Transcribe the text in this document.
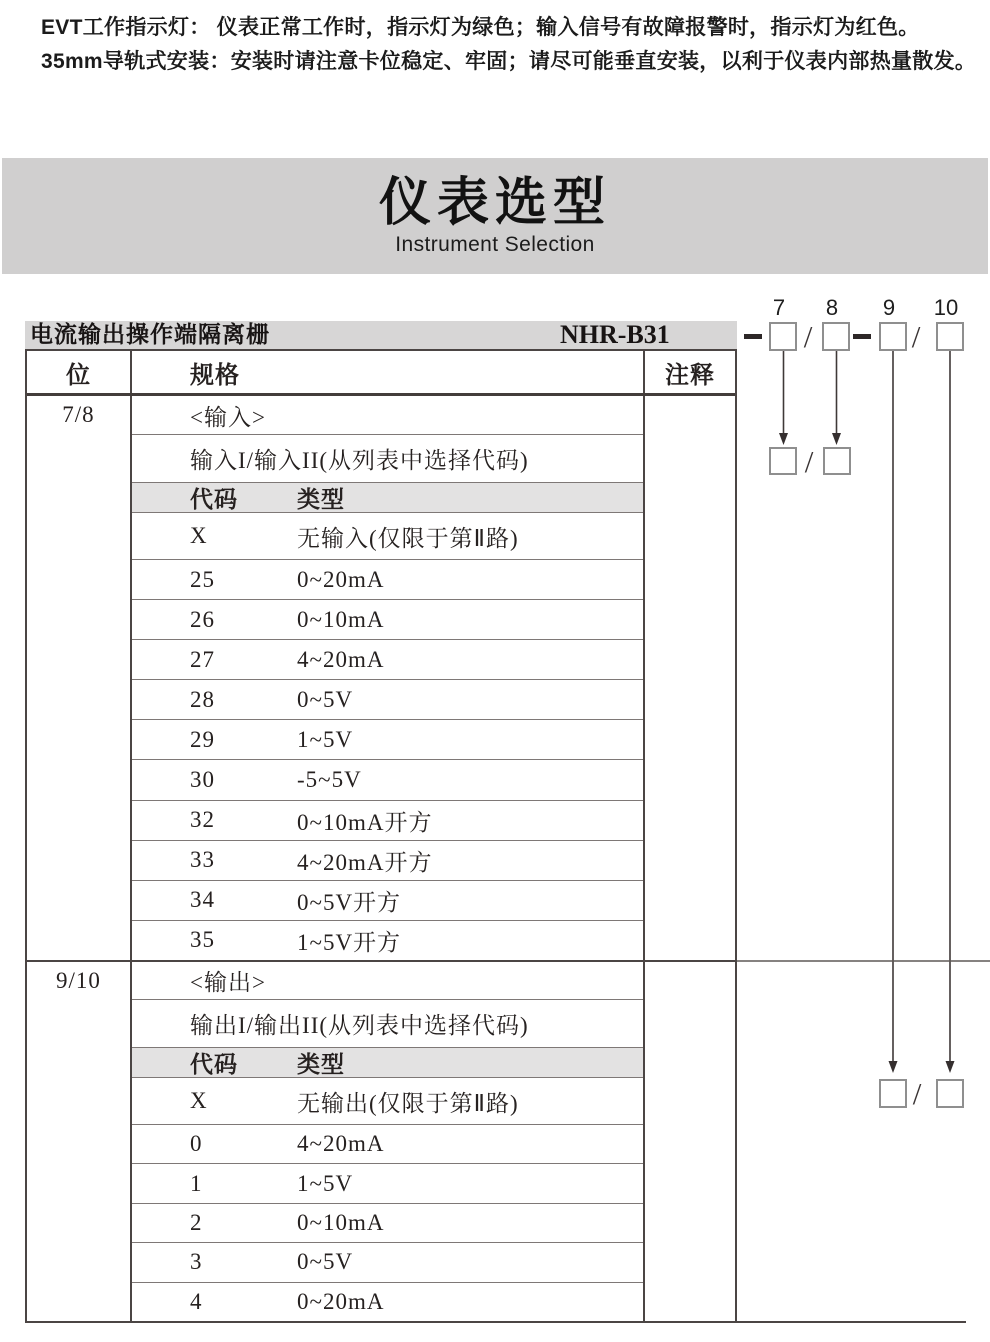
EVT工作指示灯： 仪表正常工作时，指示灯为绿色；输入信号有故障报警时，指示灯为红色。
35mm导轨式安装：安装时请注意卡位稳定、牢固；请尽可能垂直安装，以利于仪表内部热量散发。
仪表选型
Instrument Selection
7	8	9	10
电流输出操作端隔离栅	NHR-B31	/	/
/
/
位	规格	注释
7/8	<输入>
输入I/输入II(从列表中选择代码)
代码	类型
X	无输入(仅限于第Ⅱ路)
25	0~20mA
26	0~10mA
27	4~20mA
28	0~5V
29	1~5V
30	-5~5V
32	0~10mA开方
33	4~20mA开方
34	0~5V开方
35	1~5V开方
9/10	<输出>
输出I/输出II(从列表中选择代码)
代码	类型
X	无输出(仅限于第Ⅱ路)
0	4~20mA
1	1~5V
2	0~10mA
3	0~5V
4	0~20mA
